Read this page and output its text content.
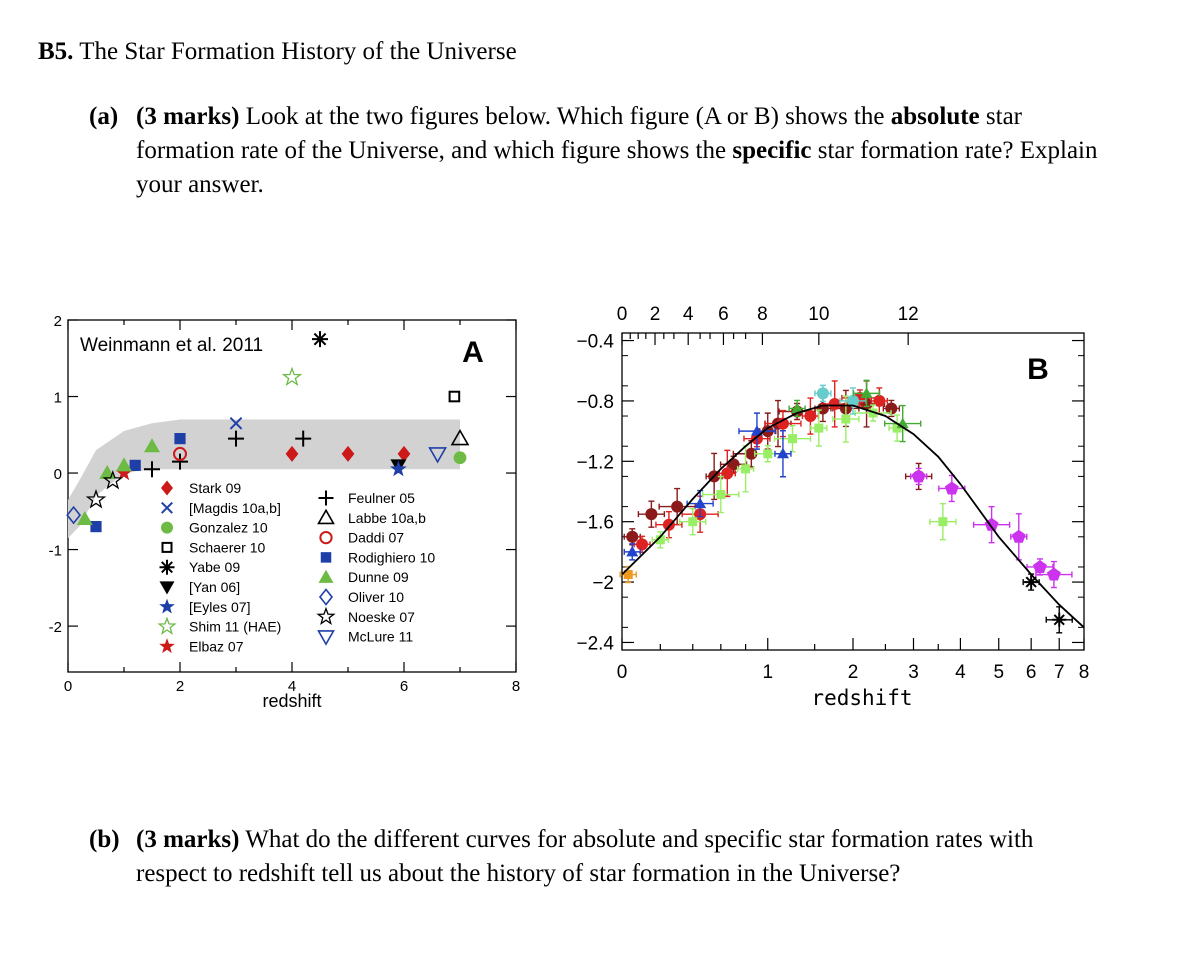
B5. The Star Formation History of the Universe
(a) (3 marks) Look at the two figures below. Which figure (A or B) shows the absolute star formation rate of the Universe, and which figure shows the specific star formation rate? Explain your answer.
0	2	4	6	8
2
1
0
-1
-2
Weinmann et al. 2011	A
Stark 09
[Magdis 10a,b]
Gonzalez 10
Schaerer 10
Yabe 09
[Yan 06]
[Eyles 07]
Shim 11 (HAE)
Elbaz 07
Feulner 05
Labbe 10a,b
Daddi 07
Rodighiero 10
Dunne 09
Oliver 10
Noeske 07
McLure 11
redshift
0	1	2	3 4 5 6 7 8
0 2 4 6 8 10	12
−0.4
−0.8
−1.2
−1.6
−2
−2.4
B
redshift
(b) (3 marks) What do the different curves for absolute and specific star formation rates with respect to redshift tell us about the history of star formation in the Universe?
